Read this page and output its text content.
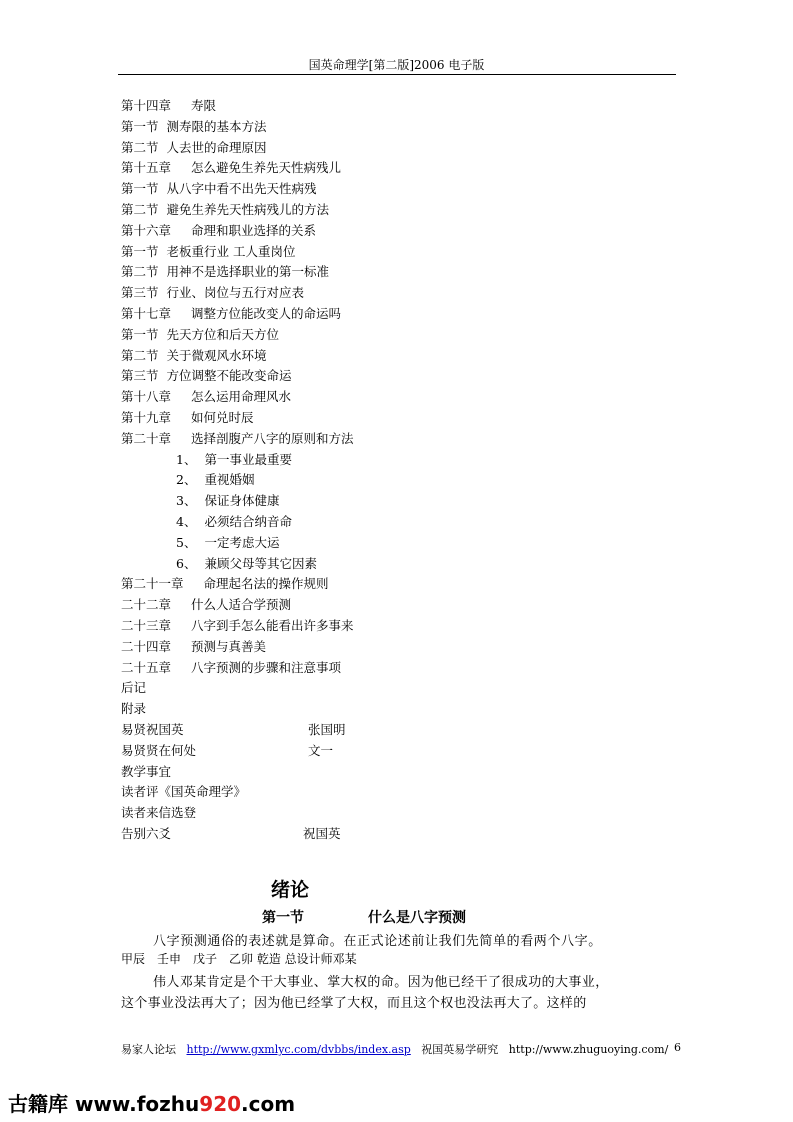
国英命理学[第二版]2006 电子版
第十四章 寿限
第一节 测寿限的基本方法
第二节 人去世的命理原因
第十五章 怎么避免生养先天性病残儿
第一节 从八字中看不出先天性病残
第二节 避免生养先天性病残儿的方法
第十六章 命理和职业选择的关系
第一节 老板重行业 工人重岗位
第二节 用神不是选择职业的第一标准
第三节 行业、岗位与五行对应表
第十七章 调整方位能改变人的命运吗
第一节 先天方位和后天方位
第二节 关于微观风水环境
第三节 方位调整不能改变命运
第十八章 怎么运用命理风水
第十九章 如何兑时辰
第二十章 选择剖腹产八字的原则和方法
1、 第一事业最重要
2、 重视婚姻
3、 保证身体健康
4、 必须结合纳音命
5、 一定考虑大运
6、 兼顾父母等其它因素
第二十一章 命理起名法的操作规则
二十二章 什么人适合学预测
二十三章 八字到手怎么能看出许多事来
二十四章 预测与真善美
二十五章 八字预测的步骤和注意事项
后记
附录
易贤祝国英	张国明
易贤贤在何处	文一
教学事宜
读者评《国英命理学》
读者来信选登
告别六爻	祝国英
绪论
第一节	什么是八字预测
八字预测通俗的表述就是算命。在正式论述前让我们先简单的看两个八字。
甲辰　壬申　戊子　乙卯 乾造 总设计师邓某
伟人邓某肯定是个干大事业、掌大权的命。因为他已经干了很成功的大事业，
这个事业没法再大了；因为他已经掌了大权，而且这个权也没法再大了。这样的
易家人论坛 http://www.gxmlyc.com/dvbbs/index.asp 祝国英易学研究 http://www.zhuguoying.com/ 6
古籍库 www.fozhu920.com
